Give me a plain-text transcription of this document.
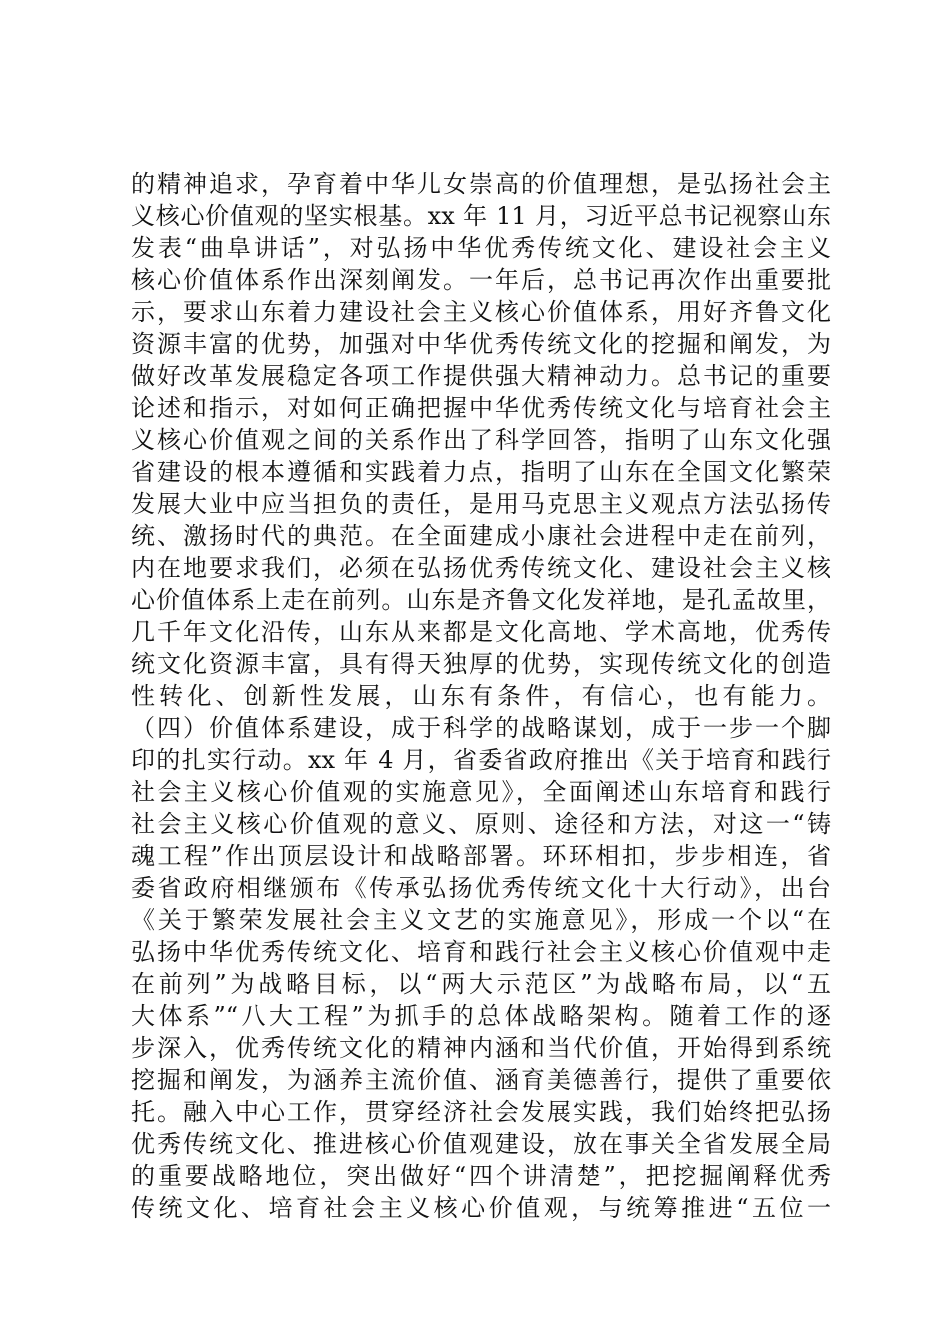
的精神追求，孕育着中华儿女崇高的价值理想，是弘扬社会主
义核心价值观的坚实根基。xx 年 11 月，习近平总书记视察山东
发表“曲阜讲话”，对弘扬中华优秀传统文化、建设社会主义
核心价值体系作出深刻阐发。一年后，总书记再次作出重要批
示，要求山东着力建设社会主义核心价值体系，用好齐鲁文化
资源丰富的优势，加强对中华优秀传统文化的挖掘和阐发，为
做好改革发展稳定各项工作提供强大精神动力。总书记的重要
论述和指示，对如何正确把握中华优秀传统文化与培育社会主
义核心价值观之间的关系作出了科学回答，指明了山东文化强
省建设的根本遵循和实践着力点，指明了山东在全国文化繁荣
发展大业中应当担负的责任，是用马克思主义观点方法弘扬传
统、激扬时代的典范。在全面建成小康社会进程中走在前列，
内在地要求我们，必须在弘扬优秀传统文化、建设社会主义核
心价值体系上走在前列。山东是齐鲁文化发祥地，是孔孟故里，
几千年文化沿传，山东从来都是文化高地、学术高地，优秀传
统文化资源丰富，具有得天独厚的优势，实现传统文化的创造
性转化、创新性发展，山东有条件，有信心，也有能力。
（四）价值体系建设，成于科学的战略谋划，成于一步一个脚
印的扎实行动。xx 年 4 月，省委省政府推出《关于培育和践行
社会主义核心价值观的实施意见》，全面阐述山东培育和践行
社会主义核心价值观的意义、原则、途径和方法，对这一“铸
魂工程”作出顶层设计和战略部署。环环相扣，步步相连，省
委省政府相继颁布《传承弘扬优秀传统文化十大行动》，出台
《关于繁荣发展社会主义文艺的实施意见》，形成一个以“在
弘扬中华优秀传统文化、培育和践行社会主义核心价值观中走
在前列”为战略目标，以“两大示范区”为战略布局，以“五
大体系”“八大工程”为抓手的总体战略架构。随着工作的逐
步深入，优秀传统文化的精神内涵和当代价值，开始得到系统
挖掘和阐发，为涵养主流价值、涵育美德善行，提供了重要依
托。融入中心工作，贯穿经济社会发展实践，我们始终把弘扬
优秀传统文化、推进核心价值观建设，放在事关全省发展全局
的重要战略地位，突出做好“四个讲清楚”，把挖掘阐释优秀
传统文化、培育社会主义核心价值观，与统筹推进“五位一
